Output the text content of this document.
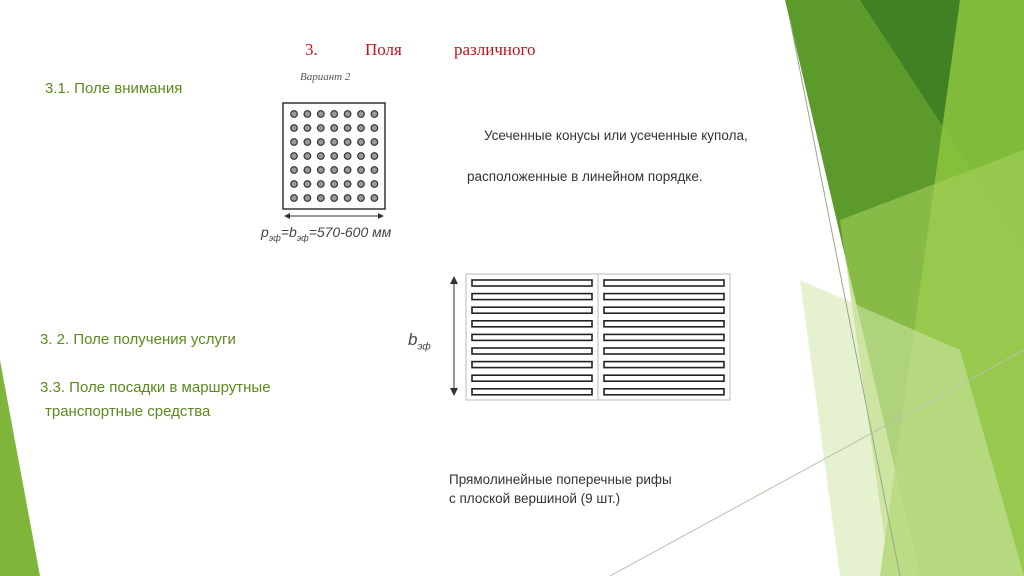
3.	Поля	различного
3.1. Поле внимания
3. 2. Поле получения услуги
3.3. Поле посадки в маршрутные
транспортные средства
Вариант 2
$p_{эф}=b_{эф}=570-600$ мм
Усеченные конусы или усеченные купола,
расположенные в линейном порядке.
$b_{эф}$
Прямолинейные поперечные рифы
с плоской вершиной (9 шт.)
